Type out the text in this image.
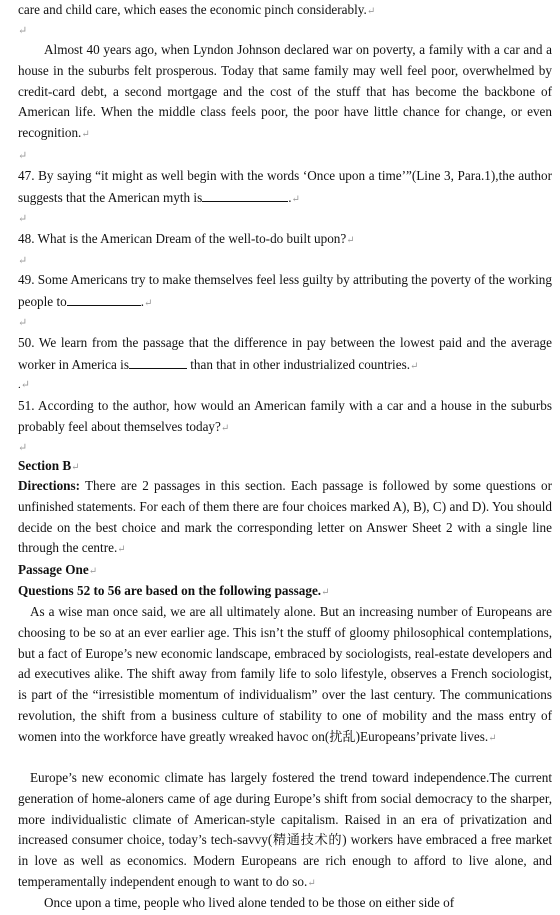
care and child care, which eases the economic pinch considerably.↵
↵
Almost 40 years ago, when Lyndon Johnson declared war on poverty, a family with a car and a house in the suburbs felt prosperous. Today that same family may well feel poor, overwhelmed by credit-card debt, a second mortgage and the cost of the stuff that has become the backbone of American life. When the middle class feels poor, the poor have little chance for change, or even recognition.↵
↵
47. By saying “it might as well begin with the words ‘Once upon a time’”(Line 3, Para.1),the author suggests that the American myth is	.↵
↵
48. What is the American Dream of the well-to-do built upon?↵
↵
49. Some Americans try to make themselves feel less guilty by attributing the poverty of the working people to	.↵
↵
50. We learn from the passage that the difference in pay between the lowest paid and the average worker in America is	than that in other industrialized countries.↵
.↵
51. According to the author, how would an American family with a car and a house in the suburbs probably feel about themselves today?↵
↵
Section B↵
Directions: There are 2 passages in this section. Each passage is followed by some questions or unfinished statements. For each of them there are four choices marked A), B), C) and D). You should decide on the best choice and mark the corresponding letter on Answer Sheet 2 with a single line through the centre.↵
Passage One↵
Questions 52 to 56 are based on the following passage.↵
As a wise man once said, we are all ultimately alone. But an increasing number of Europeans are choosing to be so at an ever earlier age. This isn’t the stuff of gloomy philosophical contemplations, but a fact of Europe’s new economic landscape, embraced by sociologists, real-estate developers and ad executives alike. The shift away from family life to solo lifestyle, observes a French sociologist, is part of the “irresistible momentum of individualism” over the last century. The communications revolution, the shift from a business culture of stability to one of mobility and the mass entry of women into the workforce have greatly wreaked havoc on(扰乱)Europeans’private lives.↵
Europe’s new economic climate has largely fostered the trend toward independence.The current generation of home-aloners came of age during Europe’s shift from social democracy to the sharper, more individualistic climate of American-style capitalism. Raised in an era of privatization and increased consumer choice, today’s tech-savvy(精通技术的) workers have embraced a free market in love as well as economics. Modern Europeans are rich enough to afford to live alone, and temperamentally independent enough to want to do so.↵
Once upon a time, people who lived alone tended to be those on either side of
